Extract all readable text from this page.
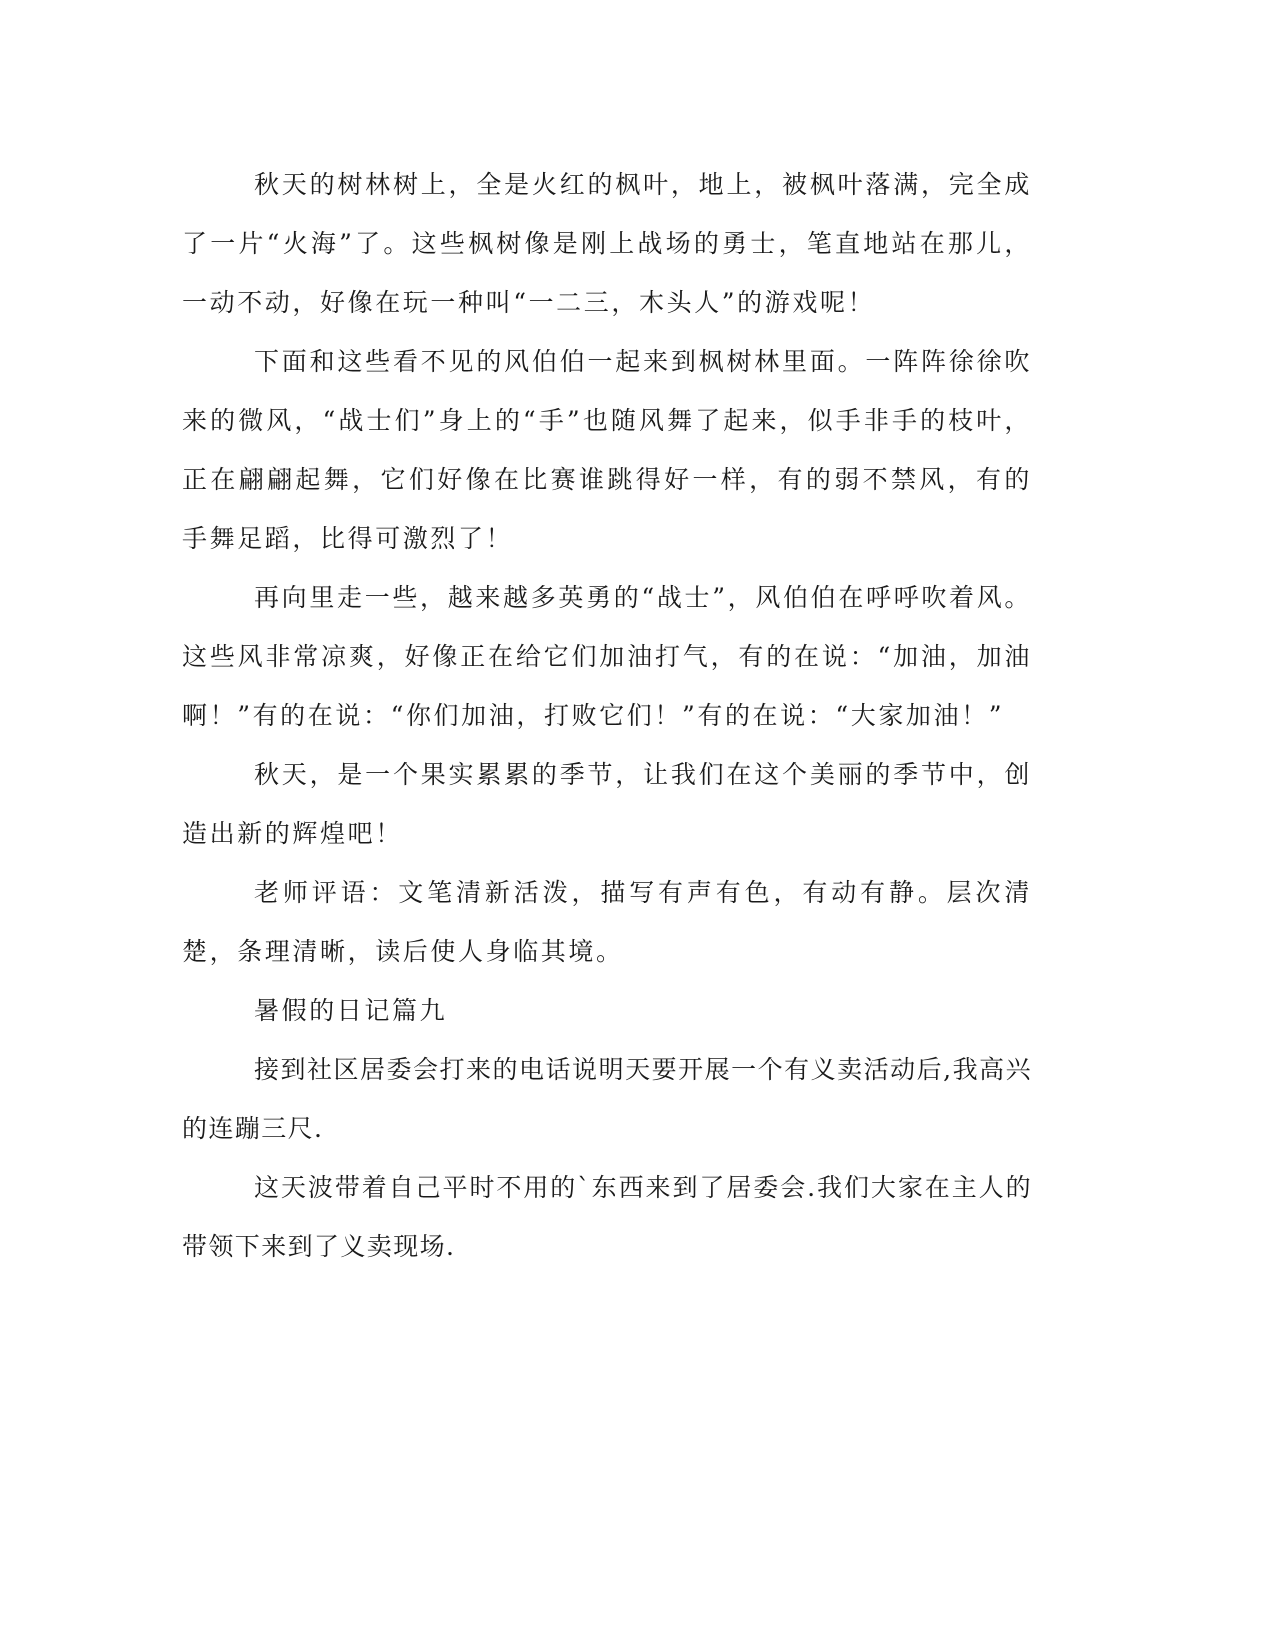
秋天的树林树上，全是火红的枫叶，地上，被枫叶落满，完全成了一片“火海”了。这些枫树像是刚上战场的勇士，笔直地站在那儿，一动不动，好像在玩一种叫“一二三，木头人”的游戏呢！

下面和这些看不见的风伯伯一起来到枫树林里面。一阵阵徐徐吹来的微风，“战士们”身上的“手”也随风舞了起来，似手非手的枝叶，正在翩翩起舞，它们好像在比赛谁跳得好一样，有的弱不禁风，有的手舞足蹈，比得可激烈了！

再向里走一些，越来越多英勇的“战士”，风伯伯在呼呼吹着风。这些风非常凉爽，好像正在给它们加油打气，有的在说：“加油，加油啊！”有的在说：“你们加油，打败它们！”有的在说：“大家加油！”

秋天，是一个果实累累的季节，让我们在这个美丽的季节中，创造出新的辉煌吧！

老师评语：文笔清新活泼，描写有声有色，有动有静。层次清楚，条理清晰，读后使人身临其境。

暑假的日记篇九

接到社区居委会打来的电话说明天要开展一个有义卖活动后,我高兴的连蹦三尺.

这天波带着自己平时不用的`东西来到了居委会.我们大家在主人的带领下来到了义卖现场.
